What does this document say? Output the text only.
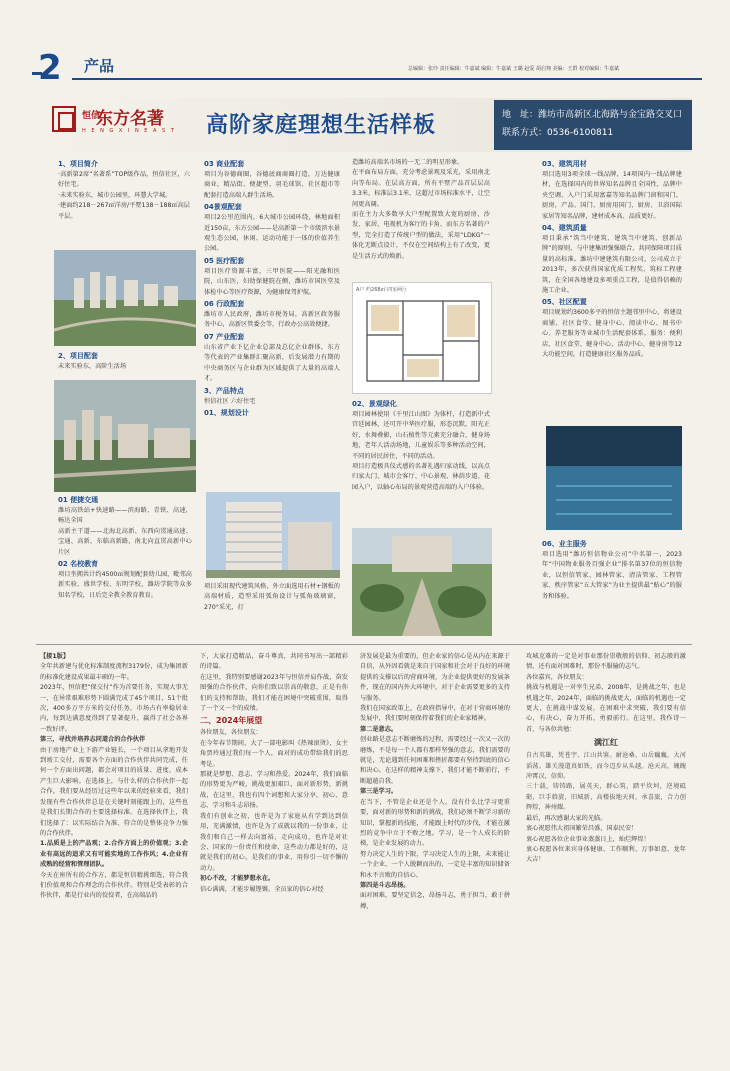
2 产品	总编辑：张玲 责任编辑：牛嘉斌 编辑：牛嘉斌 王璐 赵爱 胡启翔 美编：王群 校对编辑：牛嘉斌
恒信
东方名著
H E N G X I N E A S T 高阶家庭理想生活样板	地　址：潍坊市高新区北海路与金宝路交叉口
联系方式：0536-6100811
1、项目简介
·高新第2席“名著系”TOP级作品，恒信社区，六好住宅。
·未来实验东，城市公园里，环慧大学城。
·建面约218－267㎡洋房/平墅138－188㎡高层平层。
2、项目配套
未来实验东，高阶生活场
01 便捷交通
潍坊高铁站+快速路——滨海路、青铁、高速，畅达全国
高新主干道——北海北高新、东西向贯通高速、宝通、高新，东临高新路，南北向直贯高新中心片区
02 名校教育
项目坐拥共计约4500㎡规划配套幼儿园，毗邻高新实验、盛世学校、东明学校，潍坊学院等众多知名学校，日后完全教全教育教育。
03 商业配套
项目为谷德商圈，谷德底商商圈打造，万达健康商业，精品街、便捷型、羽毛球馆、社区超市等配套打造高端人群生活场。
04景观配套
项目2公里范围内，6大城市公园环绕，林地面积近150亩，东方公园——是高新第一个市级滨水景观生态公园，休闲、运动功能于一体的价值养生公园。
05 医疗配套
项目医疗资源丰富，三甲医院——阳光融和医院，山东医，妇幼保健院在侧，潍坊市国医堂及体检中心等医疗资源，为健康保驾护航。
06 行政配套
潍坊市人民政府，潍坊市税务局，高新区政务服务中心，高新区管委会等，行政办公高效便捷。
07 产业配套
山东省产业下亿企业总部及总亿企业群体，东方等代表的产业集群汇聚高新，后发展潜力有期的中央商务区与企业群为区域提供了大量的高端人才。
3、产品特点
恒信社区 六好住宅
01、规划设计
项目采用现代建筑风格，外立面选用石材+钢板的高端材质，造型采用弧角设计与弧角玻璃窗，270°采光，打
造潍坊高端名市场的一无二的明星形象。
在平面布局方面，充分考虑景观及采光，采用南北向等布局。在层高方面，所有平墅产品首层层高3.3米，标准层3.1米，这超过市场标准水平，让空间更高阔。
而在主力大多数享大户型配置致大宽的厨房，沙发、家居，电视机为客厅的卡角、而东方名著的户型，完全打造了传统户型的做法，采用“LDKG”一体化无断点设计，不仅在空间结构上有了改变，更是生活方式的焕新。
A户 约268㎡·四室两厅
02、景观绿化
项目园林使用《千里江山图》为体杆，打造新中式宫廷园林，还可开中华医疗服，形态沉默，阳光正好，水舞叠影，山石植性等元素充分融合，健身场地，老年人活动场地，儿童娱乐等多种活动空间，不同的居民居住，不同的活动。
项目打造极具仪式感的名著礼遇归家动线，以高点归家大门、城市会客厅、中心景观、林荫步道、花园入户，以轴心布局的景观营造高端的入户体验。
03、建筑用材
项目选用3项全球一线品牌，14项国内一线品牌建材，在选择国内的世界知名品牌且全国性，品牌中央空调、入户门采用富嘉等知名品牌门窗和国门、厨房，产品、国门、厨房用国门、厨房、卫浴国际家居等知名品牌，建材成本高、品质更好。
04、建筑质量
项目秉承“筑当中建筑、建筑当中建筑、创新品牌”的原则，与中建集团强强联合，共同保障项目质量的高标准。潍坊中建建筑有限公司，公司成立于2013年，多次获得国家优质工程奖，筑标工程建筑，在全国各地建设多项重点工程，是值得信赖的施工企业。
05、社区配置
项目规划约3600多平的恒信主题邻里中心，将建设商铺、社区食堂、健身中心、阅读中心、图书中心、养老服务等业城市生活配套体系，服务：便利店、社区食堂、健身中心、活动中心、健身房等12大功能空间，打造健康社区服务品质。
06、业主服务
项目选用“潍坊恒信物业公司”中名第一，2023年“中国物业服务百强企业”排名第37位的恒信物业，以恒信管家、园林管家、清洁管家、工程管家、秩序管家“五大管家”为业主提供最“贴心”的服务和体验。
【接1版】
全年共新建与优化标准制度流程3179份，成为集团新的标准化建设成果最丰硕的一年。
2023年，恒信把“保交付”作为首要任务，实现大事无一、在异常艰难形势下圆满完成了45个项目、51个批次，400多万平方米的交付任务，市场占有率稳居业内，每到达满意度得到了显著提升，赢得了社会各界一致好评。
第三，寻找并培养志同道合的合作伙伴
由于房地产业上下游产业链长，一个项目从拿地开发到竣工交付，需要各个方面的合作伙伴共同完成，任何一个方面出问题，都会对项目的质量、进度、成本产生巨大影响。在选择上，与什么样的合作伙伴一起合作，我们要从经历过这些年以来的经验来看，我们发现有些合作伙伴总是在关键时刻能跟上的，这些也是我们长期合作的主要选择标准。在选择伙伴上，我们选择了：以实际结合为准、符合的是整体竞争力强的合作伙伴。
1.品质是上的产品观；2.合作方面上的价值观；3.企业有高远的追求又有可能实地的工作作风；4.企业有成熟的经营和管理团队。
今天在座所有的合作方，都是恒信精挑细选，符合我们价值观和合作理念的合作伙伴。特别是受表彰的合作伙伴，都是行业内的佼佼者，在高端品的
下，大家打造精品，奋斗尊真，共同书写出一部精彩的诗篇。
在这里，我特别要感谢2023年与恒信并肩作战，奋发图强的合作伙伴，向你们致以崇高的敬意，正是有你们的支持和帮助，我们才能在困境中突破重围，取得了一个又一个的成绩。
二、2024年展望
各位朋友，各位朋友：
在今年春节期间，大了一部电影叫《热辣滚烫》，女主角贾玲通过我们每一个人，面对的成功带给我们的思考是。
那就是梦想、意志、学习和热爱。2024年，我们面临的形势更为严峻，挑战更加艰巨，面对新形势，新挑战，在这里，我也有四个词想和大家分享，初心、意志、学习和斗志昂扬。
我们有创业之初，也许是为了家庭从有学到达到信用，充满激情，也许是为了成就以我的一份事业，让我们和自己一样去向富裕，走向成功，也许是对社会、国家的一份责任和使命，这些动力都是好的，这就是我们的初心，是我们的事业，用你引一切不懈的动力。
初心不改，才能梦想永在。
信心满满，才能步履铿锵。全员家的信心对经
济发展是最为重要的，但企业家的信心是从内在来源于自信，从外因看就是来自于国家和社会对于良好的环境提供的支撑以后的营商环境，为企业提供更好的发展条件，现在的国内外大环境中，对于企业需要更多的支持与服务。
我们在国家政策上，在政府指导中，在对于营商环境的发展中，我们要时刻保持着我们的企业家精神。
第二是意志。
创业路是意志不断磨炼的过程，需要经过一次又一次的磨炼，不是每一个人都有那样坚强的意志，我们需要的就是，无论遇到任何困难和挫折都要有坚持到底的信心和决心。在这样的精神支撑下，我们才能不断前行，不断超越自我。
第三是学习。
在当下，不管是企业还是个人，没有什么比学习更重要，面对新的形势和新的挑战，我们必须不断学习新的知识，掌握新的技能，才能跟上时代的步伐，才能在激烈的竞争中立于不败之地。学习，是一个人成长的阶梯，是企业发展的动力。
努力决定人生的下限，学习决定人生的上限，未来能让一个企业，一个人脱颖而出的，一定是丰富的知识储备和永不言败的自信心。
第四是斗志昂扬。
面对困难，要坚定信念，昂扬斗志，勇于担当，敢于拼搏，
攻城克难的一定是对事业那份崇敬般的信仰、初志般的激情，还有面对困难时，那份不服输的志气。
各位嘉宾，各位朋友：
挑战与机遇是一对孪生兄弟，2008年，是挑战之年，也是机遇之年，2024年，面临的挑战更大，面临的机遇也一定更大，在挑战中谋发展，在困难中求突破，我们要有信心，有决心，奋力开拓，勇毅前行。在这里，我作诗一首，与各位共勉：
满江红
自古英雄，凭苍宇、江山共鉴。耐沧桑、山岳巍巍，大河滔荡。雄关漫道真如铁，而今迈步从头越。沧天高，魄魄冲霄汉，信仰。
三十载，铸铸路，展英天，群心筑，踏平坎坷，逆境砥砺，巨手斡旋，旧城新，高楼拔地天间，承喜旅，合力创辉煌，神州耀。
最后，再次感谢大家的光临。
衷心祝愿伟大祖国繁荣昌盛，国泰民安！
衷心祝愿各位企业事业蒸蒸日上，灿烂辉煌！
衷心祝愿各位来宾身体健康、工作顺利、万事如意、龙年大吉！
